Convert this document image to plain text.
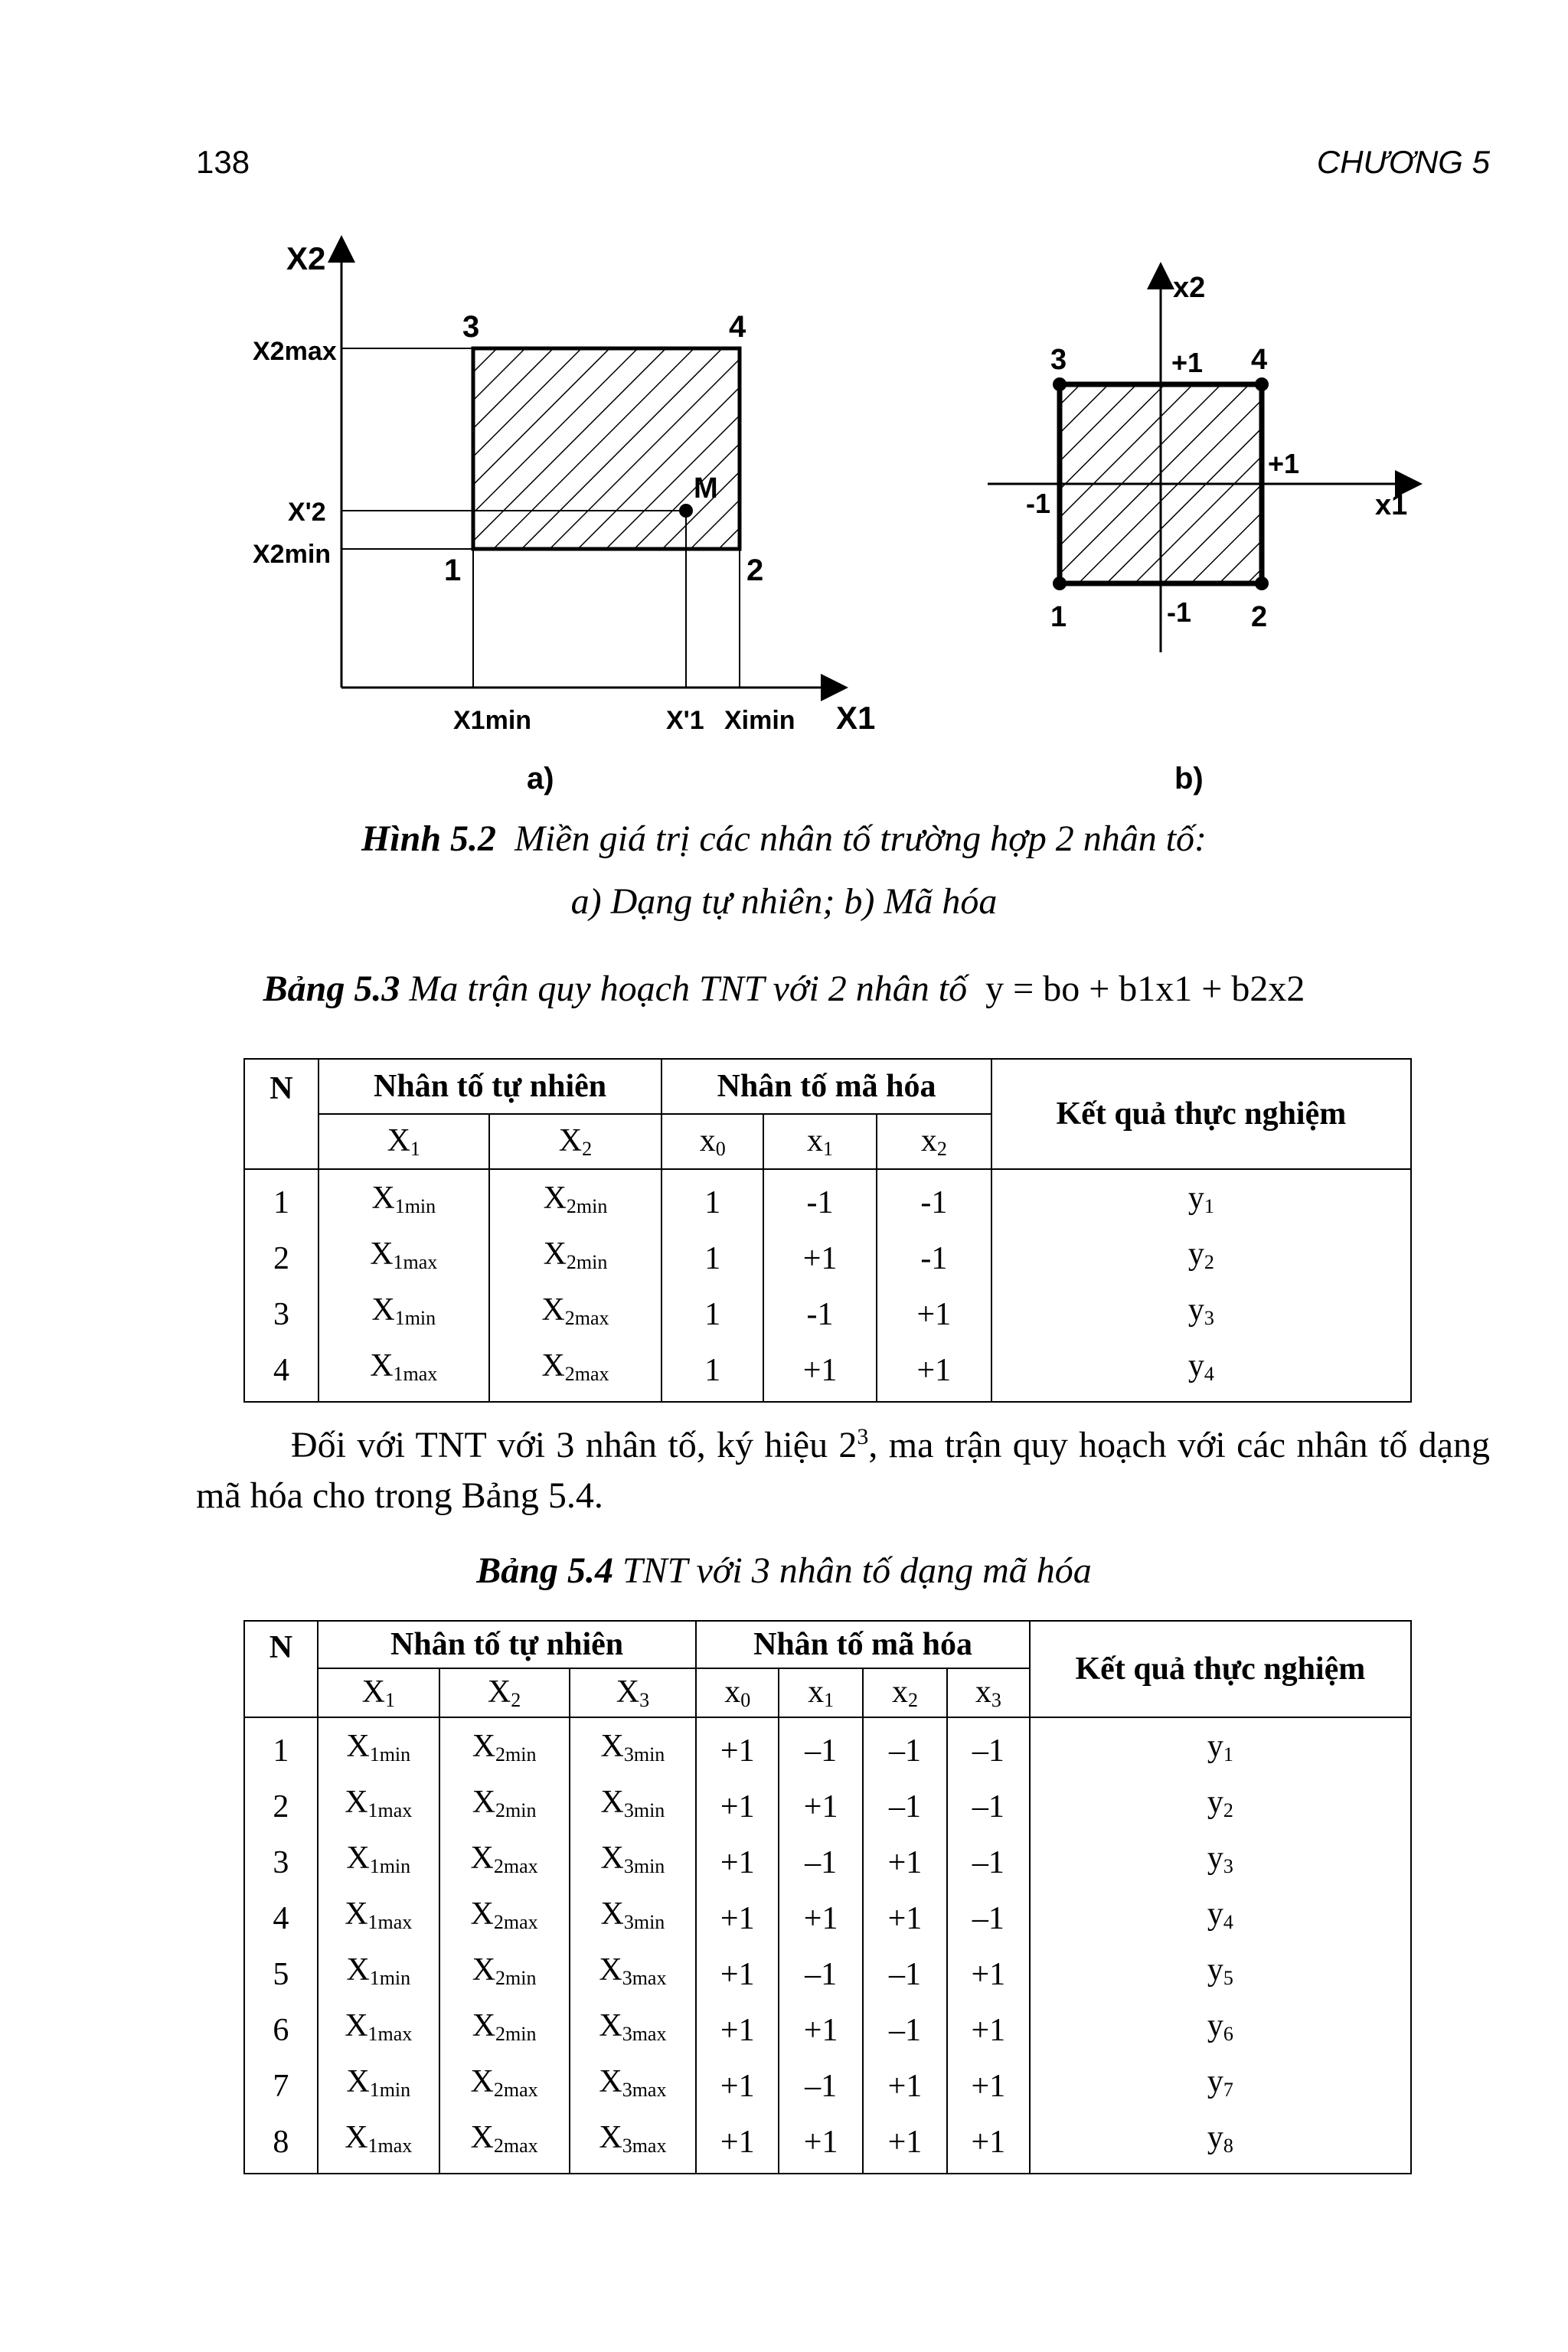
138	CHƯƠNG 5
X2
X1
X2max
X'2
X2min
X1min	X'1 Ximin
1	2
3	4
M
a)
x2
x1
+1
-1
-1
+1
1	2
3	4
b)
Hình 5.2 Miền giá trị các nhân tố trường hợp 2 nhân tố:
a) Dạng tự nhiên; b) Mã hóa
Bảng 5.3 Ma trận quy hoạch TNT với 2 nhân tố y = bo + b1x1 + b2x2
N	Nhân tố tự nhiên		Nhân tố mã hóa			Kết quả thực nghiệm
	$X_1$	$X_2$	$x_0$	$x_1$	$x_2$
1	$X_{1min}$	$X_{2min}$	1	-1	-1	$y_1$
2	$X_{1max}$	$X_{2min}$	1	+1	-1	$y_2$
3	$X_{1min}$	$X_{2max}$	1	-1	+1	$y_3$
4	$X_{1max}$	$X_{2max}$	1	+1	+1	$y_4$
Đối với TNT với 3 nhân tố, ký hiệu $2^3$, ma trận quy hoạch với các nhân tố dạng mã hóa cho trong Bảng 5.4.
Bảng 5.4 TNT với 3 nhân tố dạng mã hóa
N	Nhân tố tự nhiên			Nhân tố mã hóa				Kết quả thực nghiệm
	$X_1$	$X_2$	$X_3$	$x_0$	$x_1$	$x_2$	$x_3$
1	$X_{1min}$	$X_{2min}$	$X_{3min}$	+1	–1	–1	–1	$y_1$
2	$X_{1max}$	$X_{2min}$	$X_{3min}$	+1	+1	–1	–1	$y_2$
3	$X_{1min}$	$X_{2max}$	$X_{3min}$	+1	–1	+1	–1	$y_3$
4	$X_{1max}$	$X_{2max}$	$X_{3min}$	+1	+1	+1	–1	$y_4$
5	$X_{1min}$	$X_{2min}$	$X_{3max}$	+1	–1	–1	+1	$y_5$
6	$X_{1max}$	$X_{2min}$	$X_{3max}$	+1	+1	–1	+1	$y_6$
7	$X_{1min}$	$X_{2max}$	$X_{3max}$	+1	–1	+1	+1	$y_7$
8	$X_{1max}$	$X_{2max}$	$X_{3max}$	+1	+1	+1	+1	$y_8$
